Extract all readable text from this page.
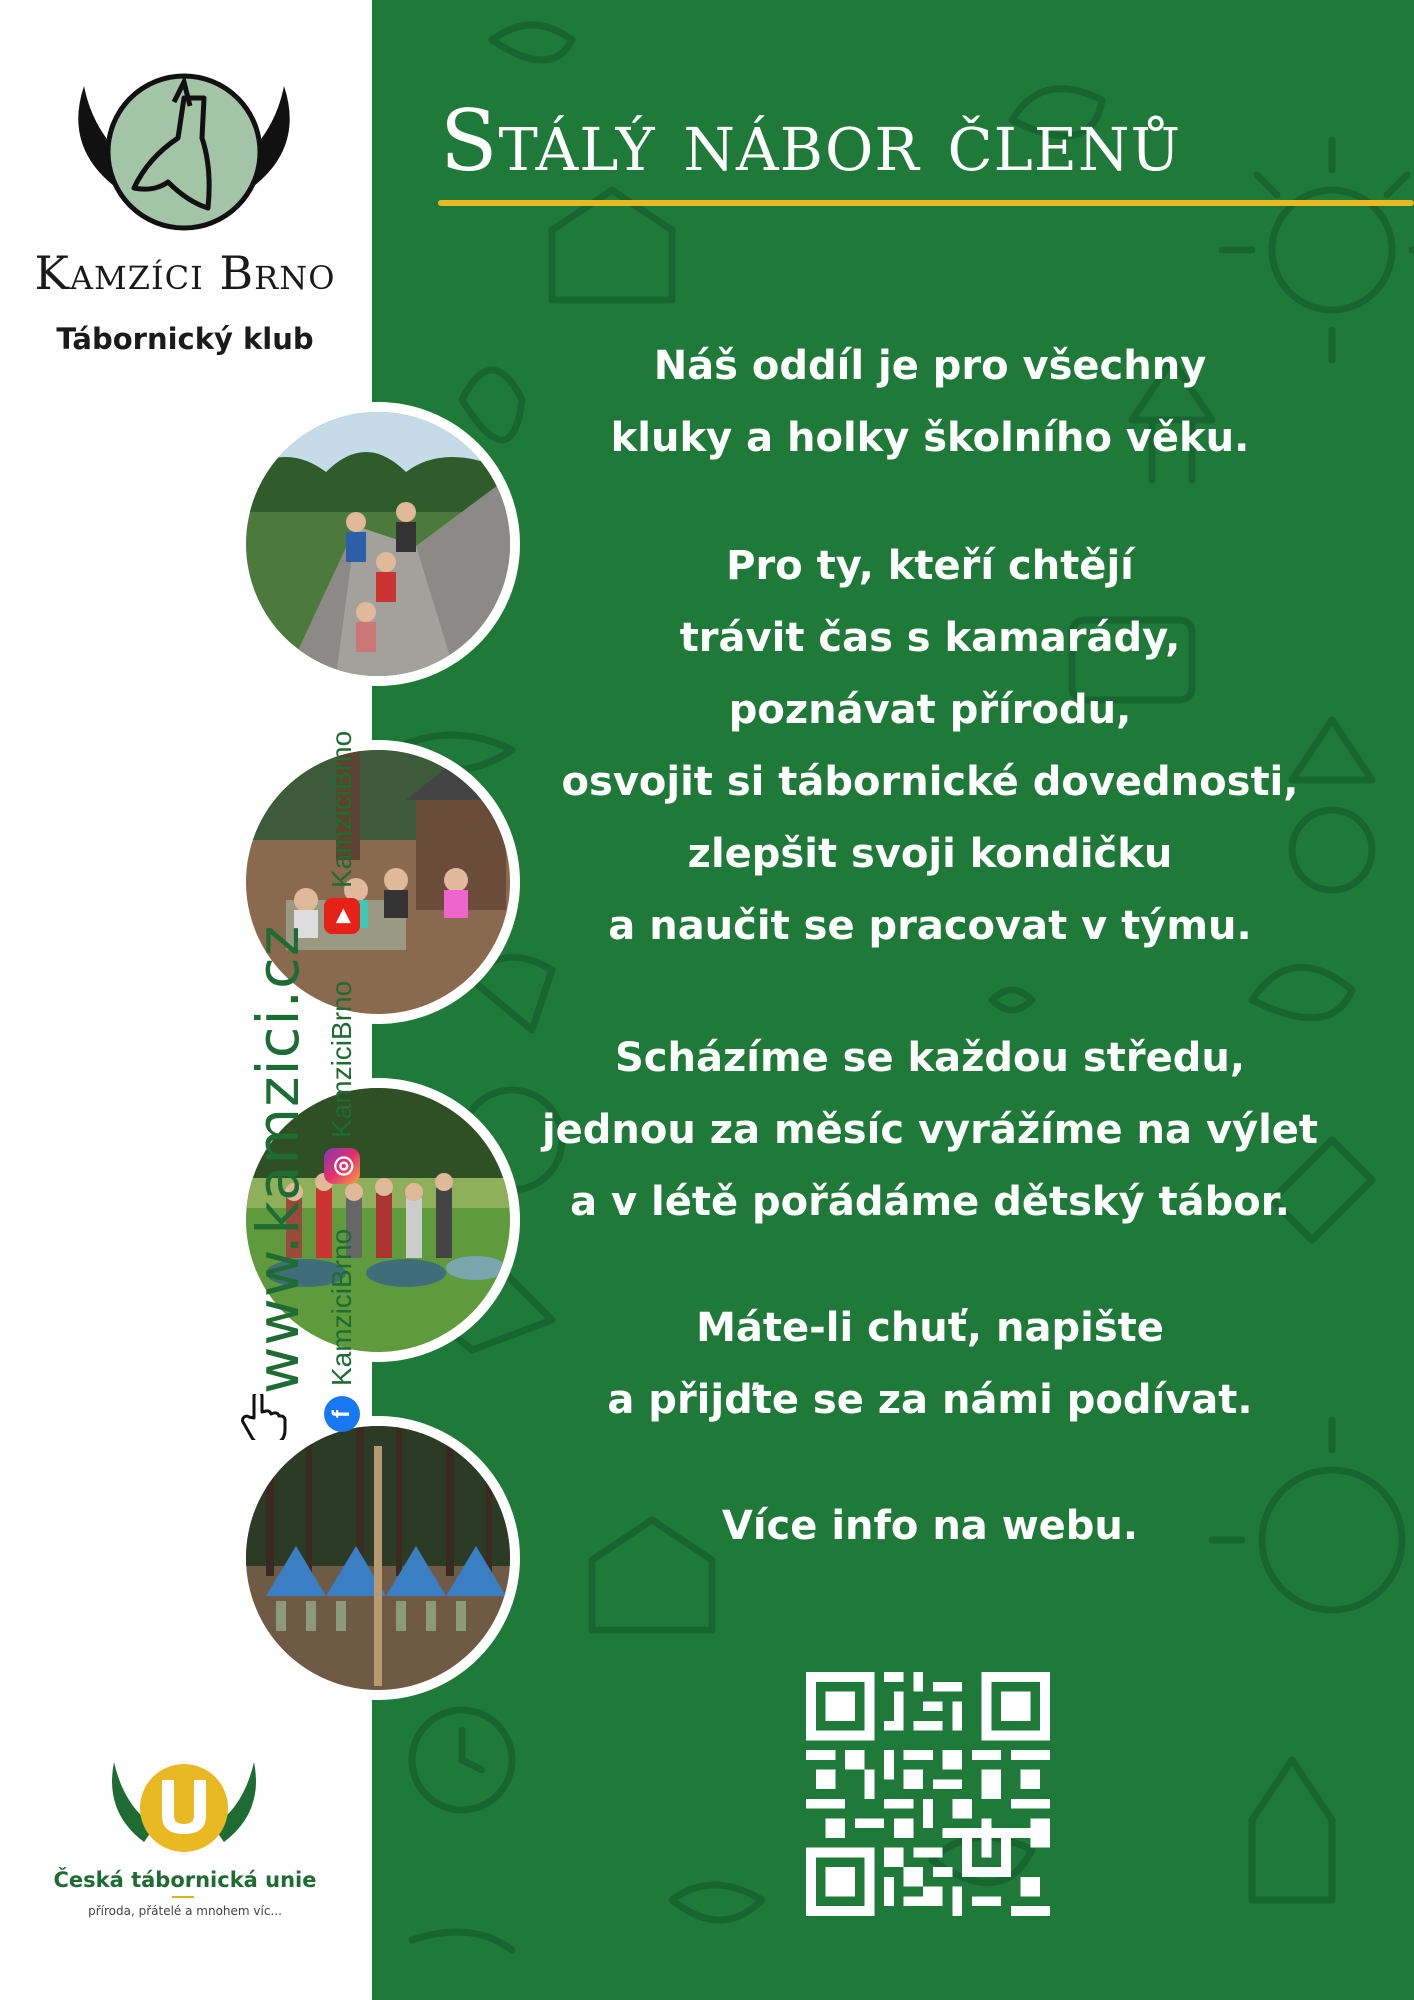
Kamzíci Brno
Tábornický klub
www.kamzici.cz
f
KamziciBrno
◎
KamziciBrno
▶
KamziciBrno
Česká tábornická unie
příroda, přátelé a mnohem víc...
Stálý nábor členů
Náš oddíl je pro všechny
kluky a holky školního věku.
Pro ty, kteří chtějí
trávit čas s kamarády,
poznávat přírodu,
osvojit si tábornické dovednosti,
zlepšit svoji kondičku
a naučit se pracovat v týmu.
Scházíme se každou středu,
jednou za měsíc vyrážíme na výlet
a v létě pořádáme dětský tábor.
Máte-li chuť, napište
a přijďte se za námi podívat.
Více info na webu.
